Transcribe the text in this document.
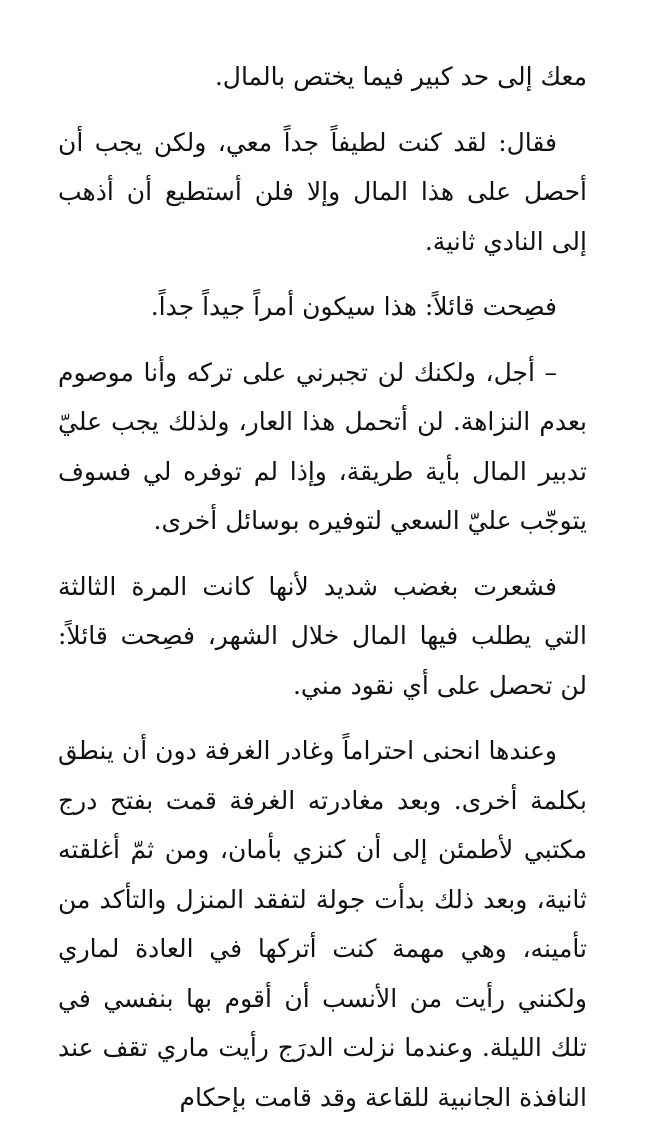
معك إلى حد كبير فيما يختص بالمال.

فقال: لقد كنت لطيفاً جداً معي، ولكن يجب أن أحصل على هذا المال وإلا فلن أستطيع أن أذهب إلى النادي ثانية.

فصِحت قائلاً: هذا سيكون أمراً جيداً جداً.

– أجل، ولكنك لن تجبرني على تركه وأنا موصوم بعدم النزاهة. لن أتحمل هذا العار، ولذلك يجب عليّ تدبير المال بأية طريقة، وإذا لم توفره لي فسوف يتوجّب عليّ السعي لتوفيره بوسائل أخرى.

فشعرت بغضب شديد لأنها كانت المرة الثالثة التي يطلب فيها المال خلال الشهر، فصِحت قائلاً: لن تحصل على أي نقود مني.

وعندها انحنى احتراماً وغادر الغرفة دون أن ينطق بكلمة أخرى. وبعد مغادرته الغرفة قمت بفتح درج مكتبي لأطمئن إلى أن كنزي بأمان، ومن ثمّ أغلقته ثانية، وبعد ذلك بدأت جولة لتفقد المنزل والتأكد من تأمينه، وهي مهمة كنت أتركها في العادة لماري ولكنني رأيت من الأنسب أن أقوم بها بنفسي في تلك الليلة. وعندما نزلت الدرَج رأيت ماري تقف عند النافذة الجانبية للقاعة وقد قامت بإحكام
